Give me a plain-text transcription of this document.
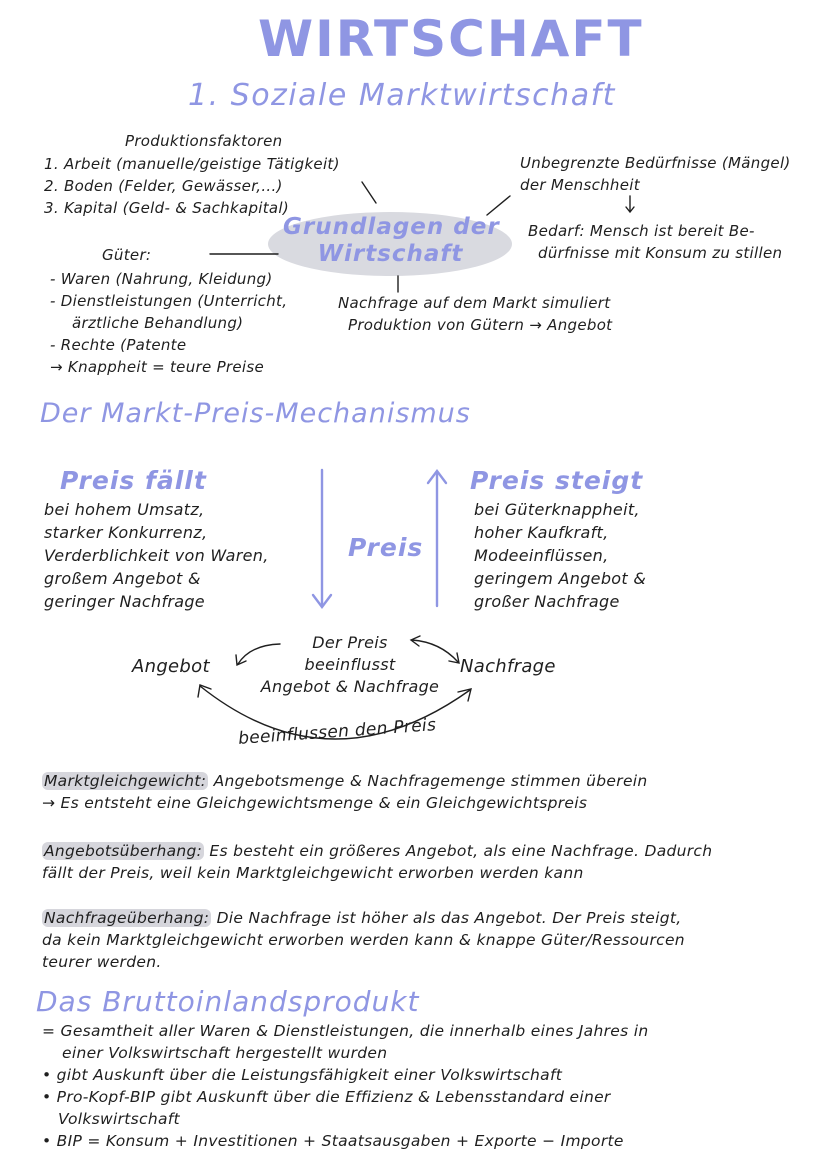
WIRTSCHAFT
1. Soziale Marktwirtschaft
Produktionsfaktoren
1. Arbeit (manuelle/geistige Tätigkeit)
2. Boden (Felder, Gewässer,...)
3. Kapital (Geld- & Sachkapital)
Grundlagen der
Wirtschaft
Unbegrenzte Bedürfnisse (Mängel)
der Menschheit
Bedarf: Mensch ist bereit Be-
dürfnisse mit Konsum zu stillen
Güter:
- Waren (Nahrung, Kleidung)
- Dienstleistungen (Unterricht,
ärztliche Behandlung)
- Rechte (Patente
→ Knappheit = teure Preise
Nachfrage auf dem Markt simuliert
Produktion von Gütern → Angebot
Der Markt-Preis-Mechanismus
Preis fällt
bei hohem Umsatz,
starker Konkurrenz,
Verderblichkeit von Waren,
großem Angebot &
geringer Nachfrage
Preis
Preis steigt
bei Güterknappheit,
hoher Kaufkraft,
Modeeinflüssen,
geringem Angebot &
großer Nachfrage
Angebot	Nachfrage
Der Preis
beeinflusst
Angebot & Nachfrage
beeinflussen den Preis
Marktgleichgewicht: Angebotsmenge & Nachfragemenge stimmen überein
→ Es entsteht eine Gleichgewichtsmenge & ein Gleichgewichtspreis
Angebotsüberhang: Es besteht ein größeres Angebot, als eine Nachfrage. Dadurch
fällt der Preis, weil kein Marktgleichgewicht erworben werden kann
Nachfrageüberhang: Die Nachfrage ist höher als das Angebot. Der Preis steigt,
da kein Marktgleichgewicht erworben werden kann & knappe Güter/Ressourcen
teurer werden.
Das Bruttoinlandsprodukt
= Gesamtheit aller Waren & Dienstleistungen, die innerhalb eines Jahres in
einer Volkswirtschaft hergestellt wurden
• gibt Auskunft über die Leistungsfähigkeit einer Volkswirtschaft
• Pro-Kopf-BIP gibt Auskunft über die Effizienz & Lebensstandard einer
Volkswirtschaft
• BIP = Konsum + Investitionen + Staatsausgaben + Exporte − Importe
